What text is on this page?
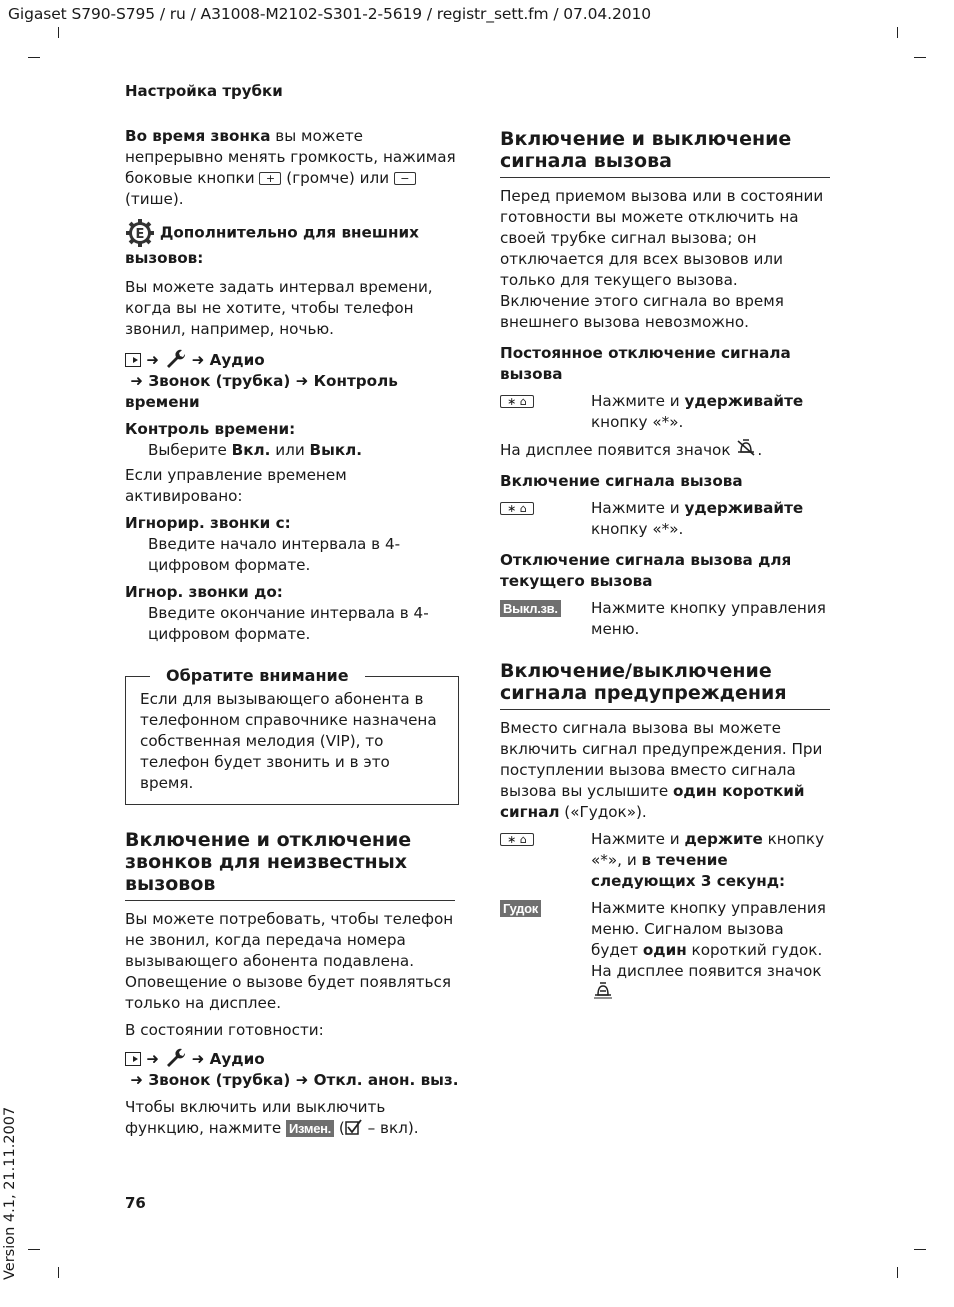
Gigaset S790-S795 / ru / A31008-M2102-S301-2-5619 / registr_sett.fm / 07.04.2010
Настройка трубки

Во время звонка вы можете непрерывно менять громкость, нажимая боковые кнопки + (громче) или − (тише).

E Дополнительно для внешних вызовов:

Вы можете задать интервал времени, когда вы не хотите, чтобы телефон звонил, например, ночью.

➜ ➜ Аудио
➜ Звонок (трубка) ➜ Контроль времени

Контроль времени:

Выберите Вкл. или Выкл.

Если управление временем активировано:

Игнорир. звонки с:

Введите начало интервала в 4-цифровом формате.

Игнор. звонки до:

Введите окончание интервала в 4-цифровом формате.

Обратите внимание

Если для вызывающего абонента в телефонном справочнике назначена собственная мелодия (VIP), то телефон будет звонить и в это время.

Включение и отключение звонков для неизвестных вызовов

Вы можете потребовать, чтобы телефон не звонил, когда передача номера вызывающего абонента подавлена. Оповещение о вызове будет появляться только на дисплее.

В состоянии готовности:

➜ ➜ Аудио
➜ Звонок (трубка) ➜ Откл. анон. выз.

Чтобы включить или выключить функцию, нажмите Измен. ( – вкл).

Включение и выключение сигнала вызова

Перед приемом вызова или в состоянии готовности вы можете отключить на своей трубке сигнал вызова; он отключается для всех вызовов или только для текущего вызова. Включение этого сигнала во время внешнего вызова невозможно.

Постоянное отключение сигнала вызова

∗ ⌂	Нажмите и удерживайте кнопку «*».

На дисплее появится значок .

Включение сигнала вызова

∗ ⌂	Нажмите и удерживайте кнопку «*».

Отключение сигнала вызова для текущего вызова

Выкл.зв.	Нажмите кнопку управления меню.
Включение/выключение сигнала предупреждения

Вместо сигнала вызова вы можете включить сигнал предупреждения. При поступлении вызова вместо сигнала вызова вы услышите один короткий сигнал («Гудок»).

∗ ⌂	Нажмите и держите кнопку «*», и в течение следующих 3 секунд:
Гудок	Нажмите кнопку управления меню. Сигналом вызова будет один короткий гудок. На дисплее появится значок

76
Version 4.1, 21.11.2007
